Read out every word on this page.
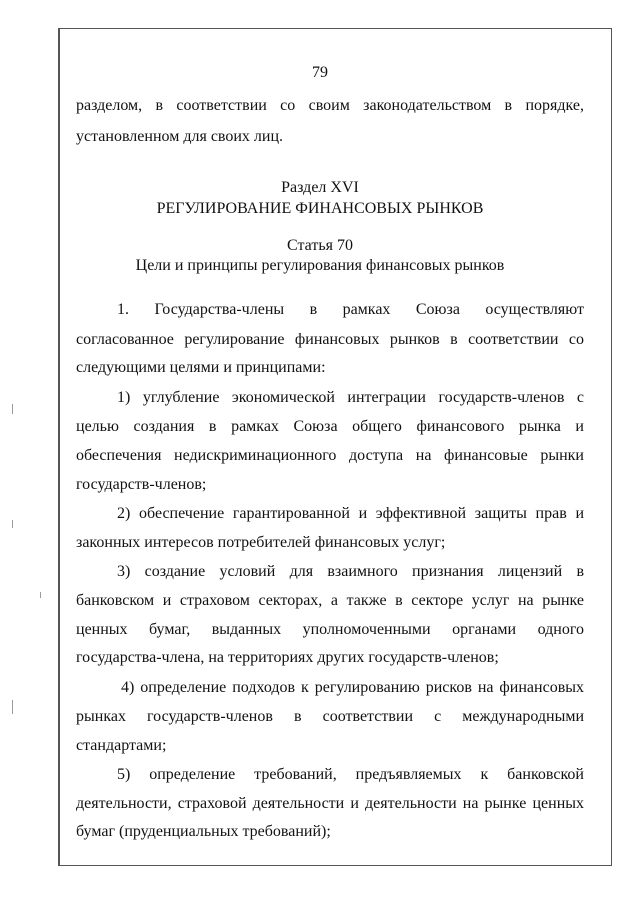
79
разделом, в соответствии со своим законодательством в порядке,
установленном для своих лиц.
Раздел XVI
РЕГУЛИРОВАНИЕ ФИНАНСОВЫХ РЫНКОВ
Статья 70
Цели и принципы регулирования финансовых рынков
1. Государства-члены в рамках Союза осуществляют
согласованное регулирование финансовых рынков в соответствии со
следующими целями и принципами:
1) углубление экономической интеграции государств-членов с
целью создания в рамках Союза общего финансового рынка и
обеспечения недискриминационного доступа на финансовые рынки
государств-членов;
2) обеспечение гарантированной и эффективной защиты прав и
законных интересов потребителей финансовых услуг;
3) создание условий для взаимного признания лицензий в
банковском и страховом секторах, а также в секторе услуг на рынке
ценных бумаг, выданных уполномоченными органами одного
государства-члена, на территориях других государств-членов;
4) определение подходов к регулированию рисков на финансовых
рынках государств-членов в соответствии с международными
стандартами;
5) определение требований, предъявляемых к банковской
деятельности, страховой деятельности и деятельности на рынке ценных
бумаг (пруденциальных требований);
